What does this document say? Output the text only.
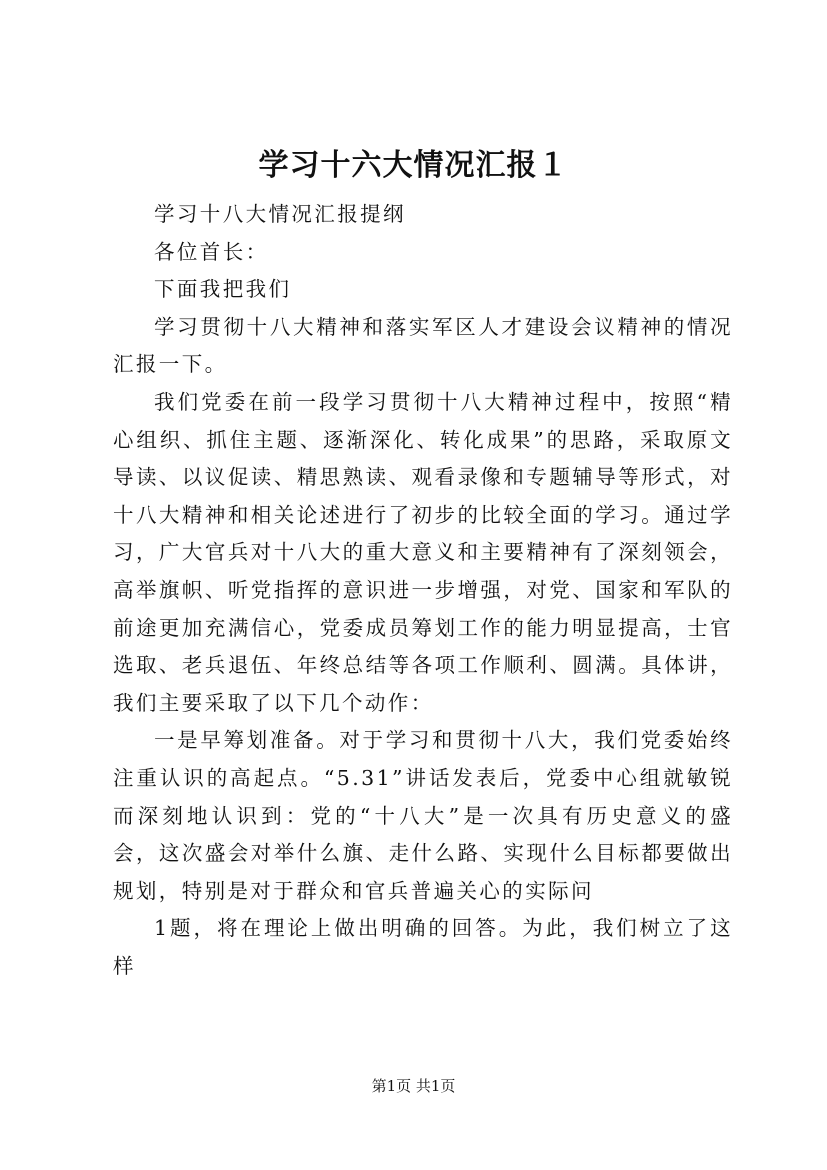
学习十六大情况汇报１

学习十八大情况汇报提纲

各位首长：

下面我把我们

学习贯彻十八大精神和落实军区人才建设会议精神的情况汇报一下。

我们党委在前一段学习贯彻十八大精神过程中，按照“精心组织、抓住主题、逐渐深化、转化成果”的思路，采取原文导读、以议促读、精思熟读、观看录像和专题辅导等形式，对十八大精神和相关论述进行了初步的比较全面的学习。通过学习，广大官兵对十八大的重大意义和主要精神有了深刻领会，高举旗帜、听党指挥的意识进一步增强，对党、国家和军队的前途更加充满信心，党委成员筹划工作的能力明显提高，士官选取、老兵退伍、年终总结等各项工作顺利、圆满。具体讲，我们主要采取了以下几个动作：

一是早筹划准备。对于学习和贯彻十八大，我们党委始终注重认识的高起点。“5.31”讲话发表后，党委中心组就敏锐而深刻地认识到：党的“十八大”是一次具有历史意义的盛会，这次盛会对举什么旗、走什么路、实现什么目标都要做出规划，特别是对于群众和官兵普遍关心的实际问

1题，将在理论上做出明确的回答。为此，我们树立了这样

第1页 共1页
